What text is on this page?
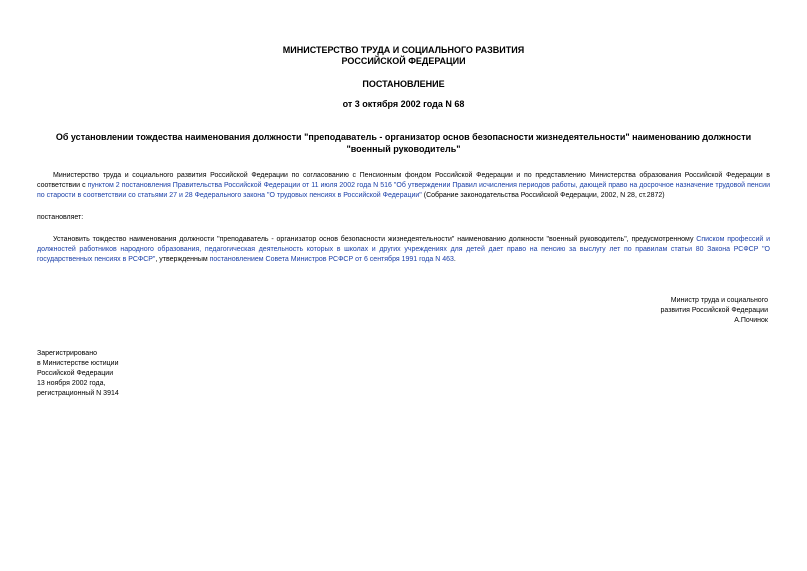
МИНИСТЕРСТВО ТРУДА И СОЦИАЛЬНОГО РАЗВИТИЯ
РОССИЙСКОЙ ФЕДЕРАЦИИ
ПОСТАНОВЛЕНИЕ
от 3 октября 2002 года N 68
Об установлении тождества наименования должности "преподаватель - организатор основ безопасности жизнедеятельности" наименованию должности "военный руководитель"
Министерство труда и социального развития Российской Федерации по согласованию с Пенсионным фондом Российской Федерации и по представлению Министерства образования Российской Федерации в соответствии с пунктом 2 постановления Правительства Российской Федерации от 11 июля 2002 года N 516 "Об утверждении Правил исчисления периодов работы, дающей право на досрочное назначение трудовой пенсии по старости в соответствии со статьями 27 и 28 Федерального закона "О трудовых пенсиях в Российской Федерации" (Собрание законодательства Российской Федерации, 2002, N 28, ст.2872)
постановляет:
Установить тождество наименования должности "преподаватель - организатор основ безопасности жизнедеятельности" наименованию должности "военный руководитель", предусмотренному Списком профессий и должностей работников народного образования, педагогическая деятельность которых в школах и других учреждениях для детей дает право на пенсию за выслугу лет по правилам статьи 80 Закона РСФСР "О государственных пенсиях в РСФСР", утвержденным постановлением Совета Министров РСФСР от 6 сентября 1991 года N 463.
Министр труда и социального
развития Российской Федерации
А.Починок
Зарегистрировано
в Министерстве юстиции
Российской Федерации
13 ноября 2002 года,
регистрационный N 3914
